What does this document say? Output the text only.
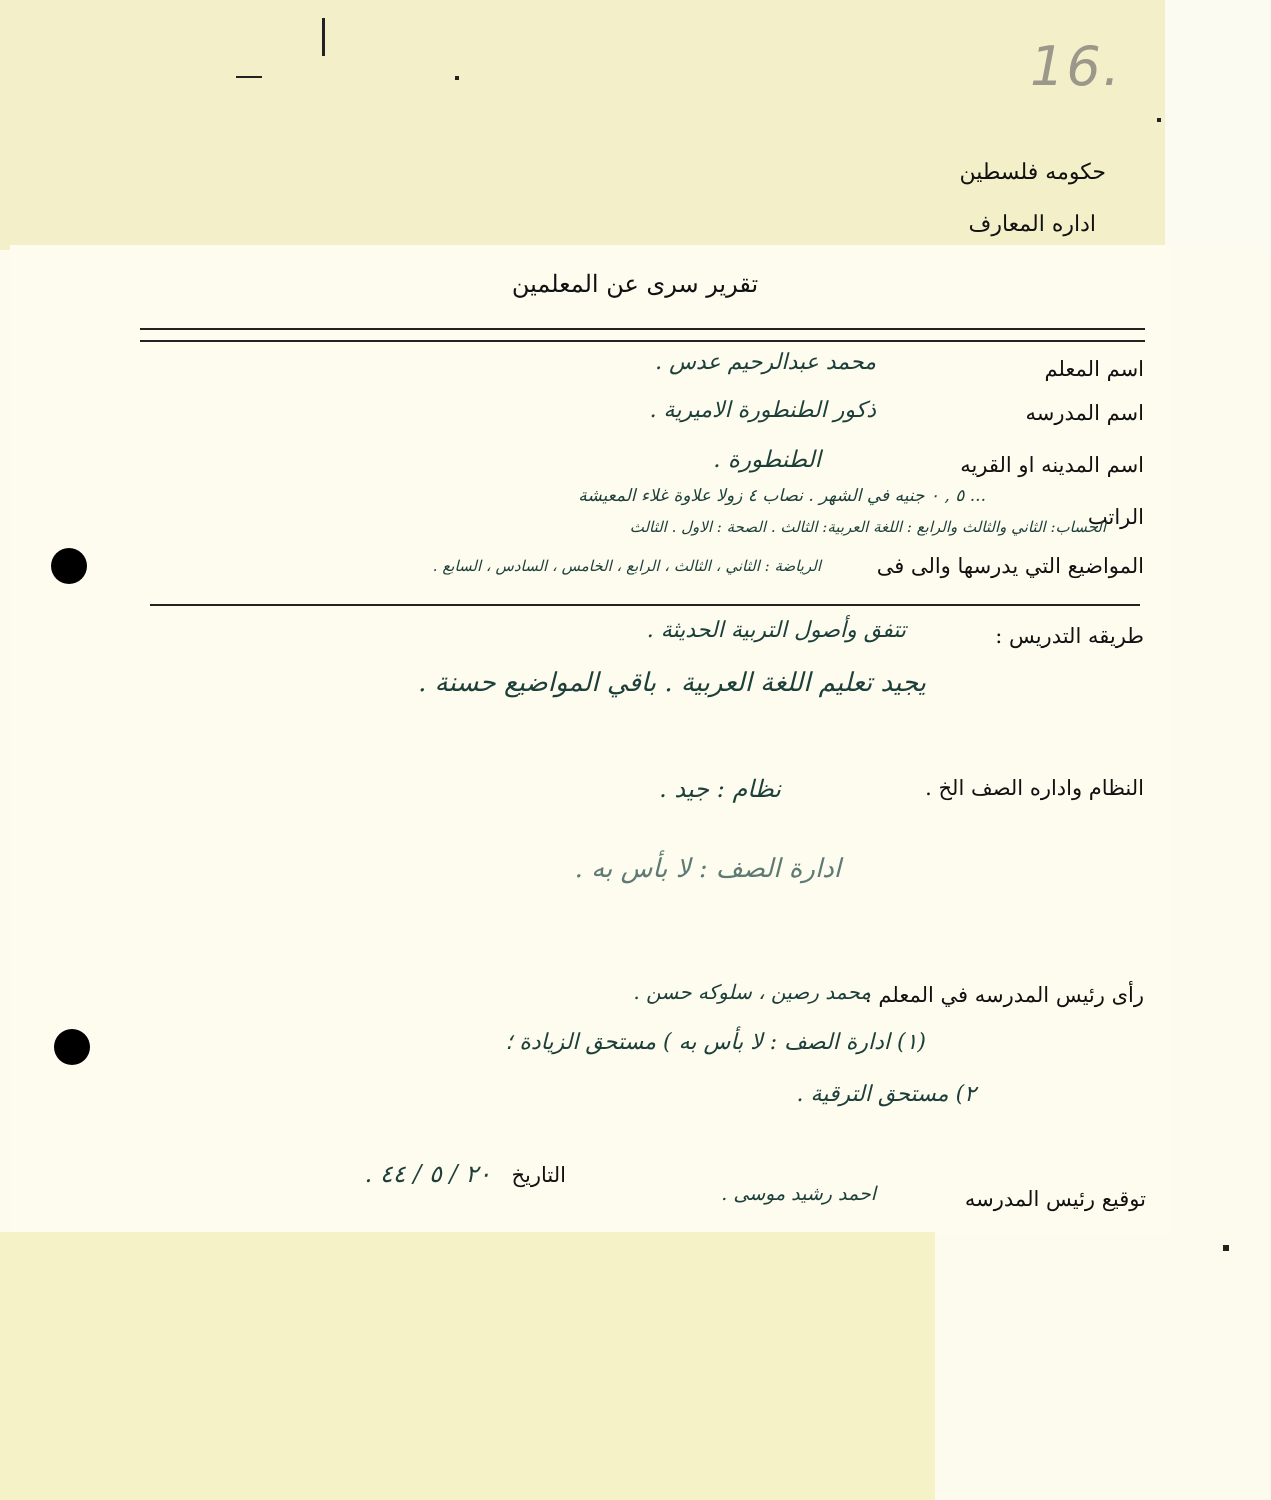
16.
حكومه فلسطين
اداره المعارف
تقرير سرى عن المعلمين
اسم المعلم
محمد عبدالرحيم عدس .
اسم المدرسه
ذكور الطنطورة الاميرية .
اسم المدينه او القريه
الطنطورة .
الراتب
... ٥ , ٠ جنيه في الشهر . نصاب ٤ زولا علاوة غلاء المعيشة
المواضيع التي يدرسها والى فى
الحساب: الثاني والثالث والرابع : اللغة العربية: الثالث . الصحة : الاول . الثالث
الرياضة : الثاني ، الثالث ، الرابع ، الخامس ، السادس ، السابع .
طريقه التدريس :
تتفق وأصول التربية الحديثة .
يجيد تعليم اللغة العربية . باقي المواضيع حسنة .
النظام واداره الصف الخ .
نظام : جيد .
ادارة الصف : لا بأس به .
رأى رئيس المدرسه في المعلم :
محمد رصين ، سلوكه حسن .
(١) ادارة الصف : لا بأس به ) مستحق الزيادة ؛
٢) مستحق الترقية .
التاريخ
٢٠ / ٥ / ٤٤ .
توقيع رئيس المدرسه
احمد رشيد موسى .
